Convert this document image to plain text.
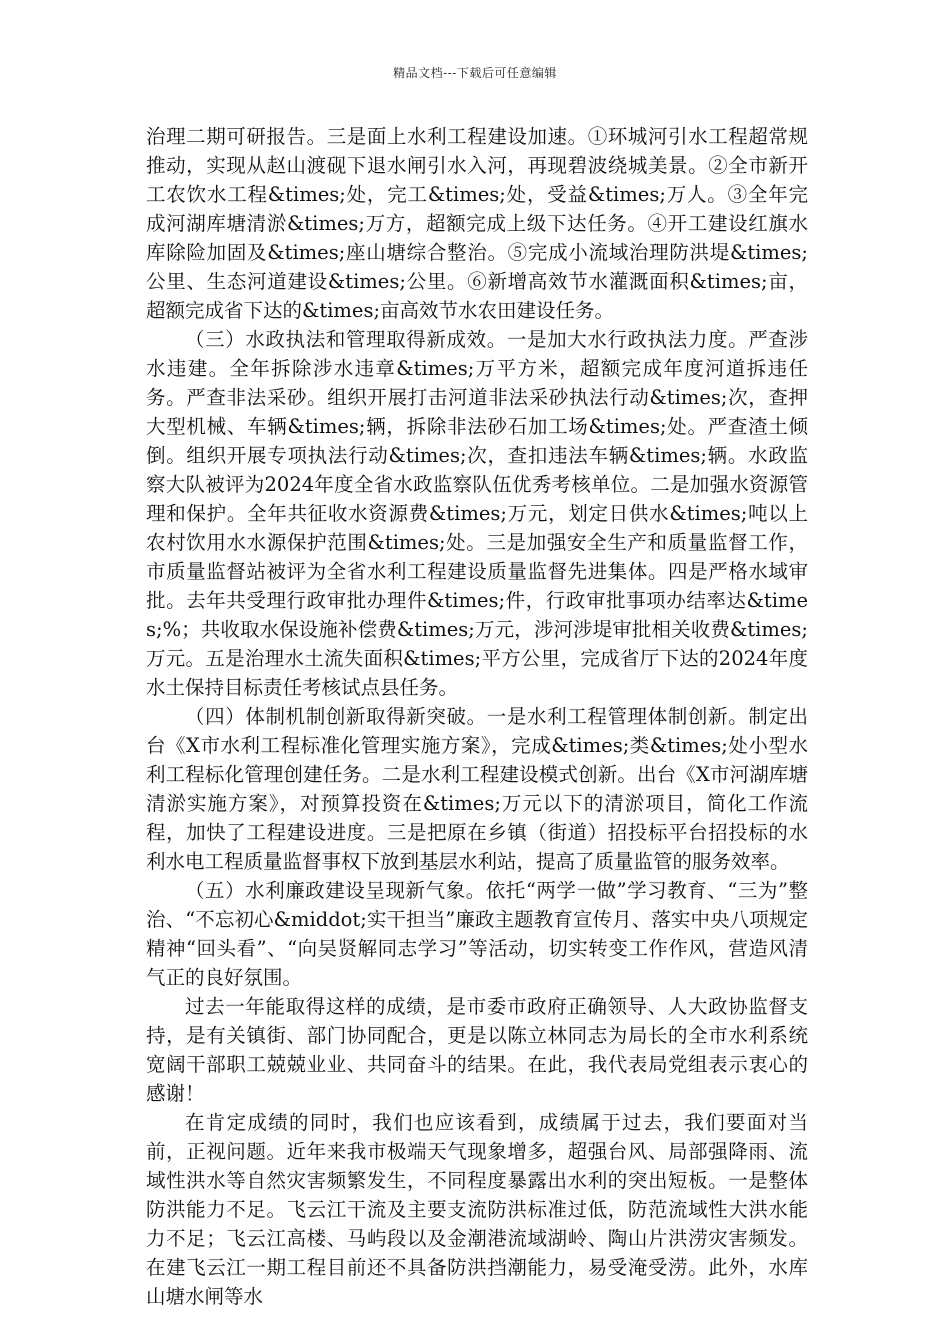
精品文档---下载后可任意编辑

治理二期可研报告。三是面上水利工程建设加速。①环城河引水工程超常规推动，实现从赵山渡砚下退水闸引水入河，再现碧波绕城美景。②全市新开工农饮水工程&times;处，完工&times;处，受益&times;万人。③全年完成河湖库塘清淤&times;万方，超额完成上级下达任务。④开工建设红旗水库除险加固及&times;座山塘综合整治。⑤完成小流域治理防洪堤&times;公里、生态河道建设&times;公里。⑥新增高效节水灌溉面积&times;亩，超额完成省下达的&times;亩高效节水农田建设任务。

（三）水政执法和管理取得新成效。一是加大水行政执法力度。严查涉水违建。全年拆除涉水违章&times;万平方米，超额完成年度河道拆违任务。严查非法采砂。组织开展打击河道非法采砂执法行动&times;次，查押大型机械、车辆&times;辆，拆除非法砂石加工场&times;处。严查渣土倾倒。组织开展专项执法行动&times;次，查扣违法车辆&times;辆。水政监察大队被评为2024年度全省水政监察队伍优秀考核单位。二是加强水资源管理和保护。全年共征收水资源费&times;万元，划定日供水&times;吨以上农村饮用水水源保护范围&times;处。三是加强安全生产和质量监督工作，市质量监督站被评为全省水利工程建设质量监督先进集体。四是严格水域审批。去年共受理行政审批办理件&times;件，行政审批事项办结率达&times;%；共收取水保设施补偿费&times;万元，涉河涉堤审批相关收费&times;万元。五是治理水土流失面积&times;平方公里，完成省厅下达的2024年度水土保持目标责任考核试点县任务。

（四）体制机制创新取得新突破。一是水利工程管理体制创新。制定出台《X市水利工程标准化管理实施方案》，完成&times;类&times;处小型水利工程标化管理创建任务。二是水利工程建设模式创新。出台《X市河湖库塘清淤实施方案》，对预算投资在&times;万元以下的清淤项目，简化工作流程，加快了工程建设进度。三是把原在乡镇（街道）招投标平台招投标的水利水电工程质量监督事权下放到基层水利站，提高了质量监管的服务效率。

（五）水利廉政建设呈现新气象。依托“两学一做”学习教育、“三为”整治、“不忘初心&middot;实干担当”廉政主题教育宣传月、落实中央八项规定精神“回头看”、“向吴贤解同志学习”等活动，切实转变工作作风，营造风清气正的良好氛围。

过去一年能取得这样的成绩，是市委市政府正确领导、人大政协监督支持，是有关镇街、部门协同配合，更是以陈立林同志为局长的全市水利系统宽阔干部职工兢兢业业、共同奋斗的结果。在此，我代表局党组表示衷心的感谢！

在肯定成绩的同时，我们也应该看到，成绩属于过去，我们要面对当前，正视问题。近年来我市极端天气现象增多，超强台风、局部强降雨、流域性洪水等自然灾害频繁发生，不同程度暴露出水利的突出短板。一是整体防洪能力不足。飞云江干流及主要支流防洪标准过低，防范流域性大洪水能力不足；飞云江高楼、马屿段以及金潮港流域湖岭、陶山片洪涝灾害频发。在建飞云江一期工程目前还不具备防洪挡潮能力，易受淹受涝。此外，水库山塘水闸等水
